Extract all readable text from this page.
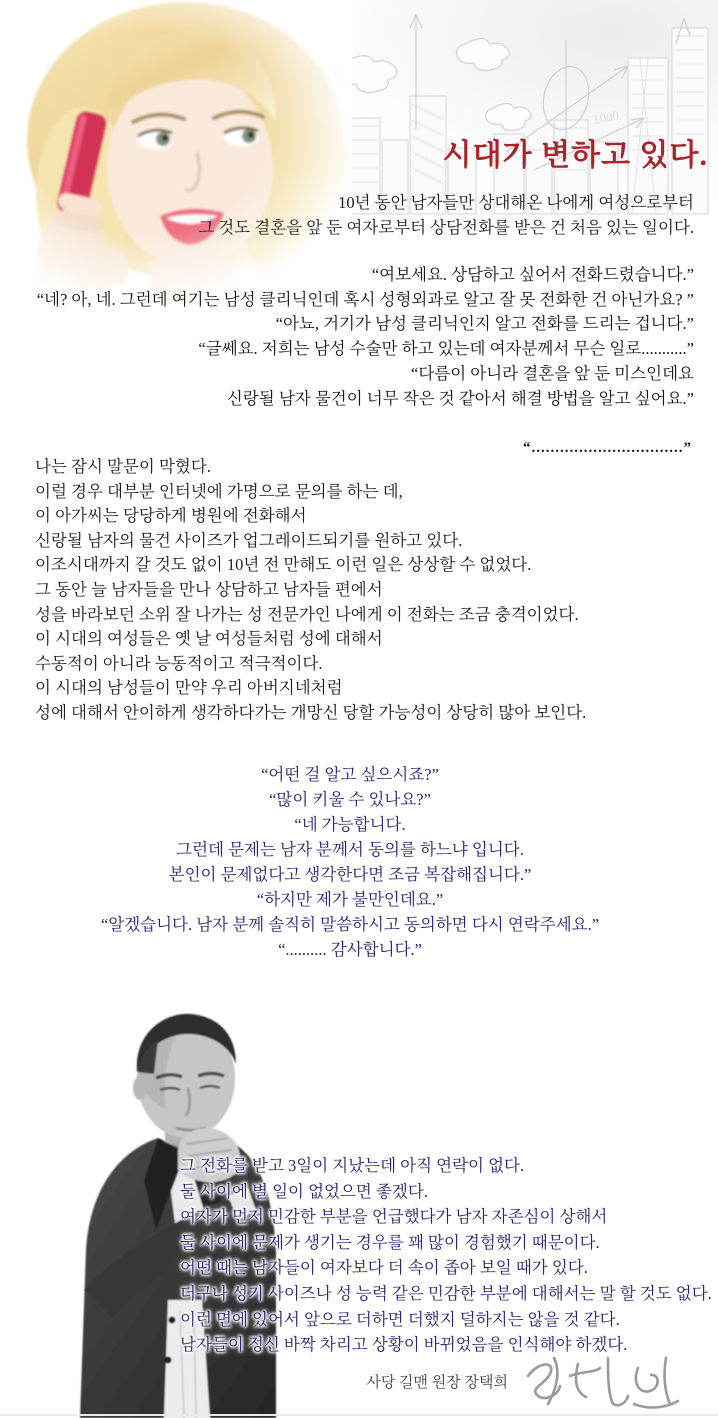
1000
시대가 변하고 있다.
10년 동안 남자들만 상대해온 나에게 여성으로부터
그 것도 결혼을 앞 둔 여자로부터 상담전화를 받은 건 처음 있는 일이다.
“여보세요. 상담하고 싶어서 전화드렸습니다.”
“네? 아, 네. 그런데 여기는 남성 클리닉인데 혹시 성형외과로 알고 잘 못 전화한 건 아닌가요? ”
“아뇨, 거기가 남성 클리닉인지 알고 전화를 드리는 겁니다.”
“글쎄요. 저희는 남성 수술만 하고 있는데 여자분께서 무슨 일로...........”
“다름이 아니라 결혼을 앞 둔 미스인데요
신랑될 남자 물건이 너무 작은 것 같아서 해결 방법을 알고 싶어요.”
“................................”
나는 잠시 말문이 막혔다.
이럴 경우 대부분 인터넷에 가명으로 문의를 하는 데,
이 아가씨는 당당하게 병원에 전화해서
신랑될 남자의 물건 사이즈가 업그레이드되기를 원하고 있다.
이조시대까지 갈 것도 없이 10년 전 만해도 이런 일은 상상할 수 없었다.
그 동안 늘 남자들을 만나 상담하고 남자들 편에서
성을 바라보던 소위 잘 나가는 성 전문가인 나에게 이 전화는 조금 충격이었다.
이 시대의 여성들은 옛 날 여성들처럼 성에 대해서
수동적이 아니라 능동적이고 적극적이다.
이 시대의 남성들이 만약 우리 아버지네처럼
성에 대해서 안이하게 생각하다가는 개망신 당할 가능성이 상당히 많아 보인다.
“어떤 걸 알고 싶으시죠?”
“많이 키울 수 있나요?”
“네 가능합니다.
그런데 문제는 남자 분께서 동의를 하느냐 입니다.
본인이 문제없다고 생각한다면 조금 복잡해집니다.”
“하지만 제가 불만인데요.”
“알겠습니다. 남자 분께 솔직히 말씀하시고 동의하면 다시 연락주세요.”
“.......... 감사합니다.”
그 전화를 받고 3일이 지났는데 아직 연락이 없다.
둘 사이에 별 일이 없었으면 좋겠다.
여자가 먼저 민감한 부분을 언급했다가 남자 자존심이 상해서
둘 사이에 문제가 생기는 경우를 꽤 많이 경험했기 때문이다.
어떤 때는 남자들이 여자보다 더 속이 좁아 보일 때가 있다.
더구나 성기 사이즈나 성 능력 같은 민감한 부분에 대해서는 말 할 것도 없다.
이런 면에 있어서 앞으로 더하면 더했지 덜하지는 않을 것 같다.
남자들이 정신 바짝 차리고 상황이 바뀌었음을 인식해야 하겠다.
사당 길맨 원장 장택희
